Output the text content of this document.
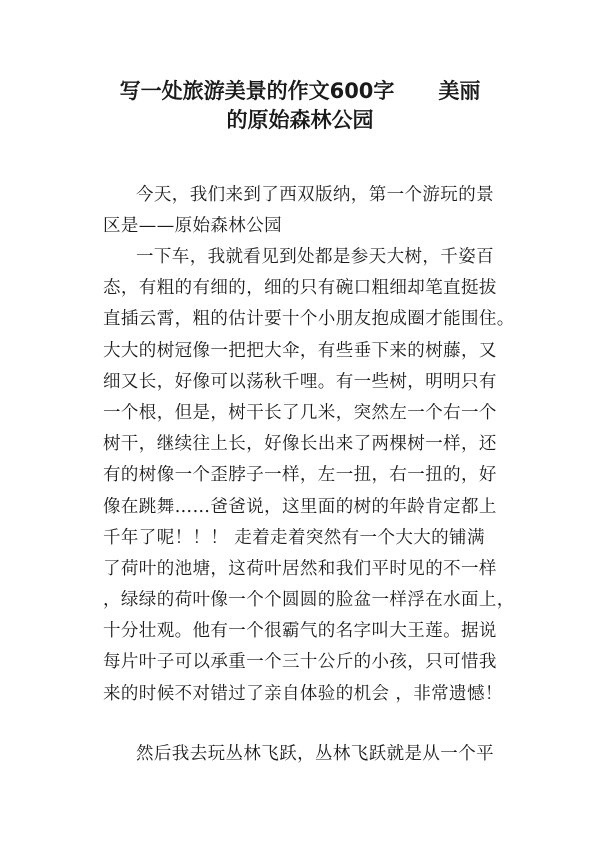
写一处旅游美景的作文600字 美丽
的原始森林公园
今天，我们来到了西双版纳，第一个游玩的景
区是——原始森林公园
一下车，我就看见到处都是参天大树，千姿百
态，有粗的有细的，细的只有碗口粗细却笔直挺拔
直插云霄，粗的估计要十个小朋友抱成圈才能围住。
大大的树冠像一把把大伞，有些垂下来的树藤，又
细又长，好像可以荡秋千哩。有一些树，明明只有
一个根，但是，树干长了几米，突然左一个右一个
树干，继续往上长，好像长出来了两棵树一样，还
有的树像一个歪脖子一样，左一扭，右一扭的，好
像在跳舞……爸爸说，这里面的树的年龄肯定都上
千年了呢！！！ 走着走着突然有一个大大的铺满
了荷叶的池塘，这荷叶居然和我们平时见的不一样
，绿绿的荷叶像一个个圆圆的脸盆一样浮在水面上，
十分壮观。他有一个很霸气的名字叫大王莲。据说
每片叶子可以承重一个三十公斤的小孩，只可惜我
来的时候不对错过了亲自体验的机会 ，非常遗憾！
然后我去玩丛林飞跃，丛林飞跃就是从一个平
